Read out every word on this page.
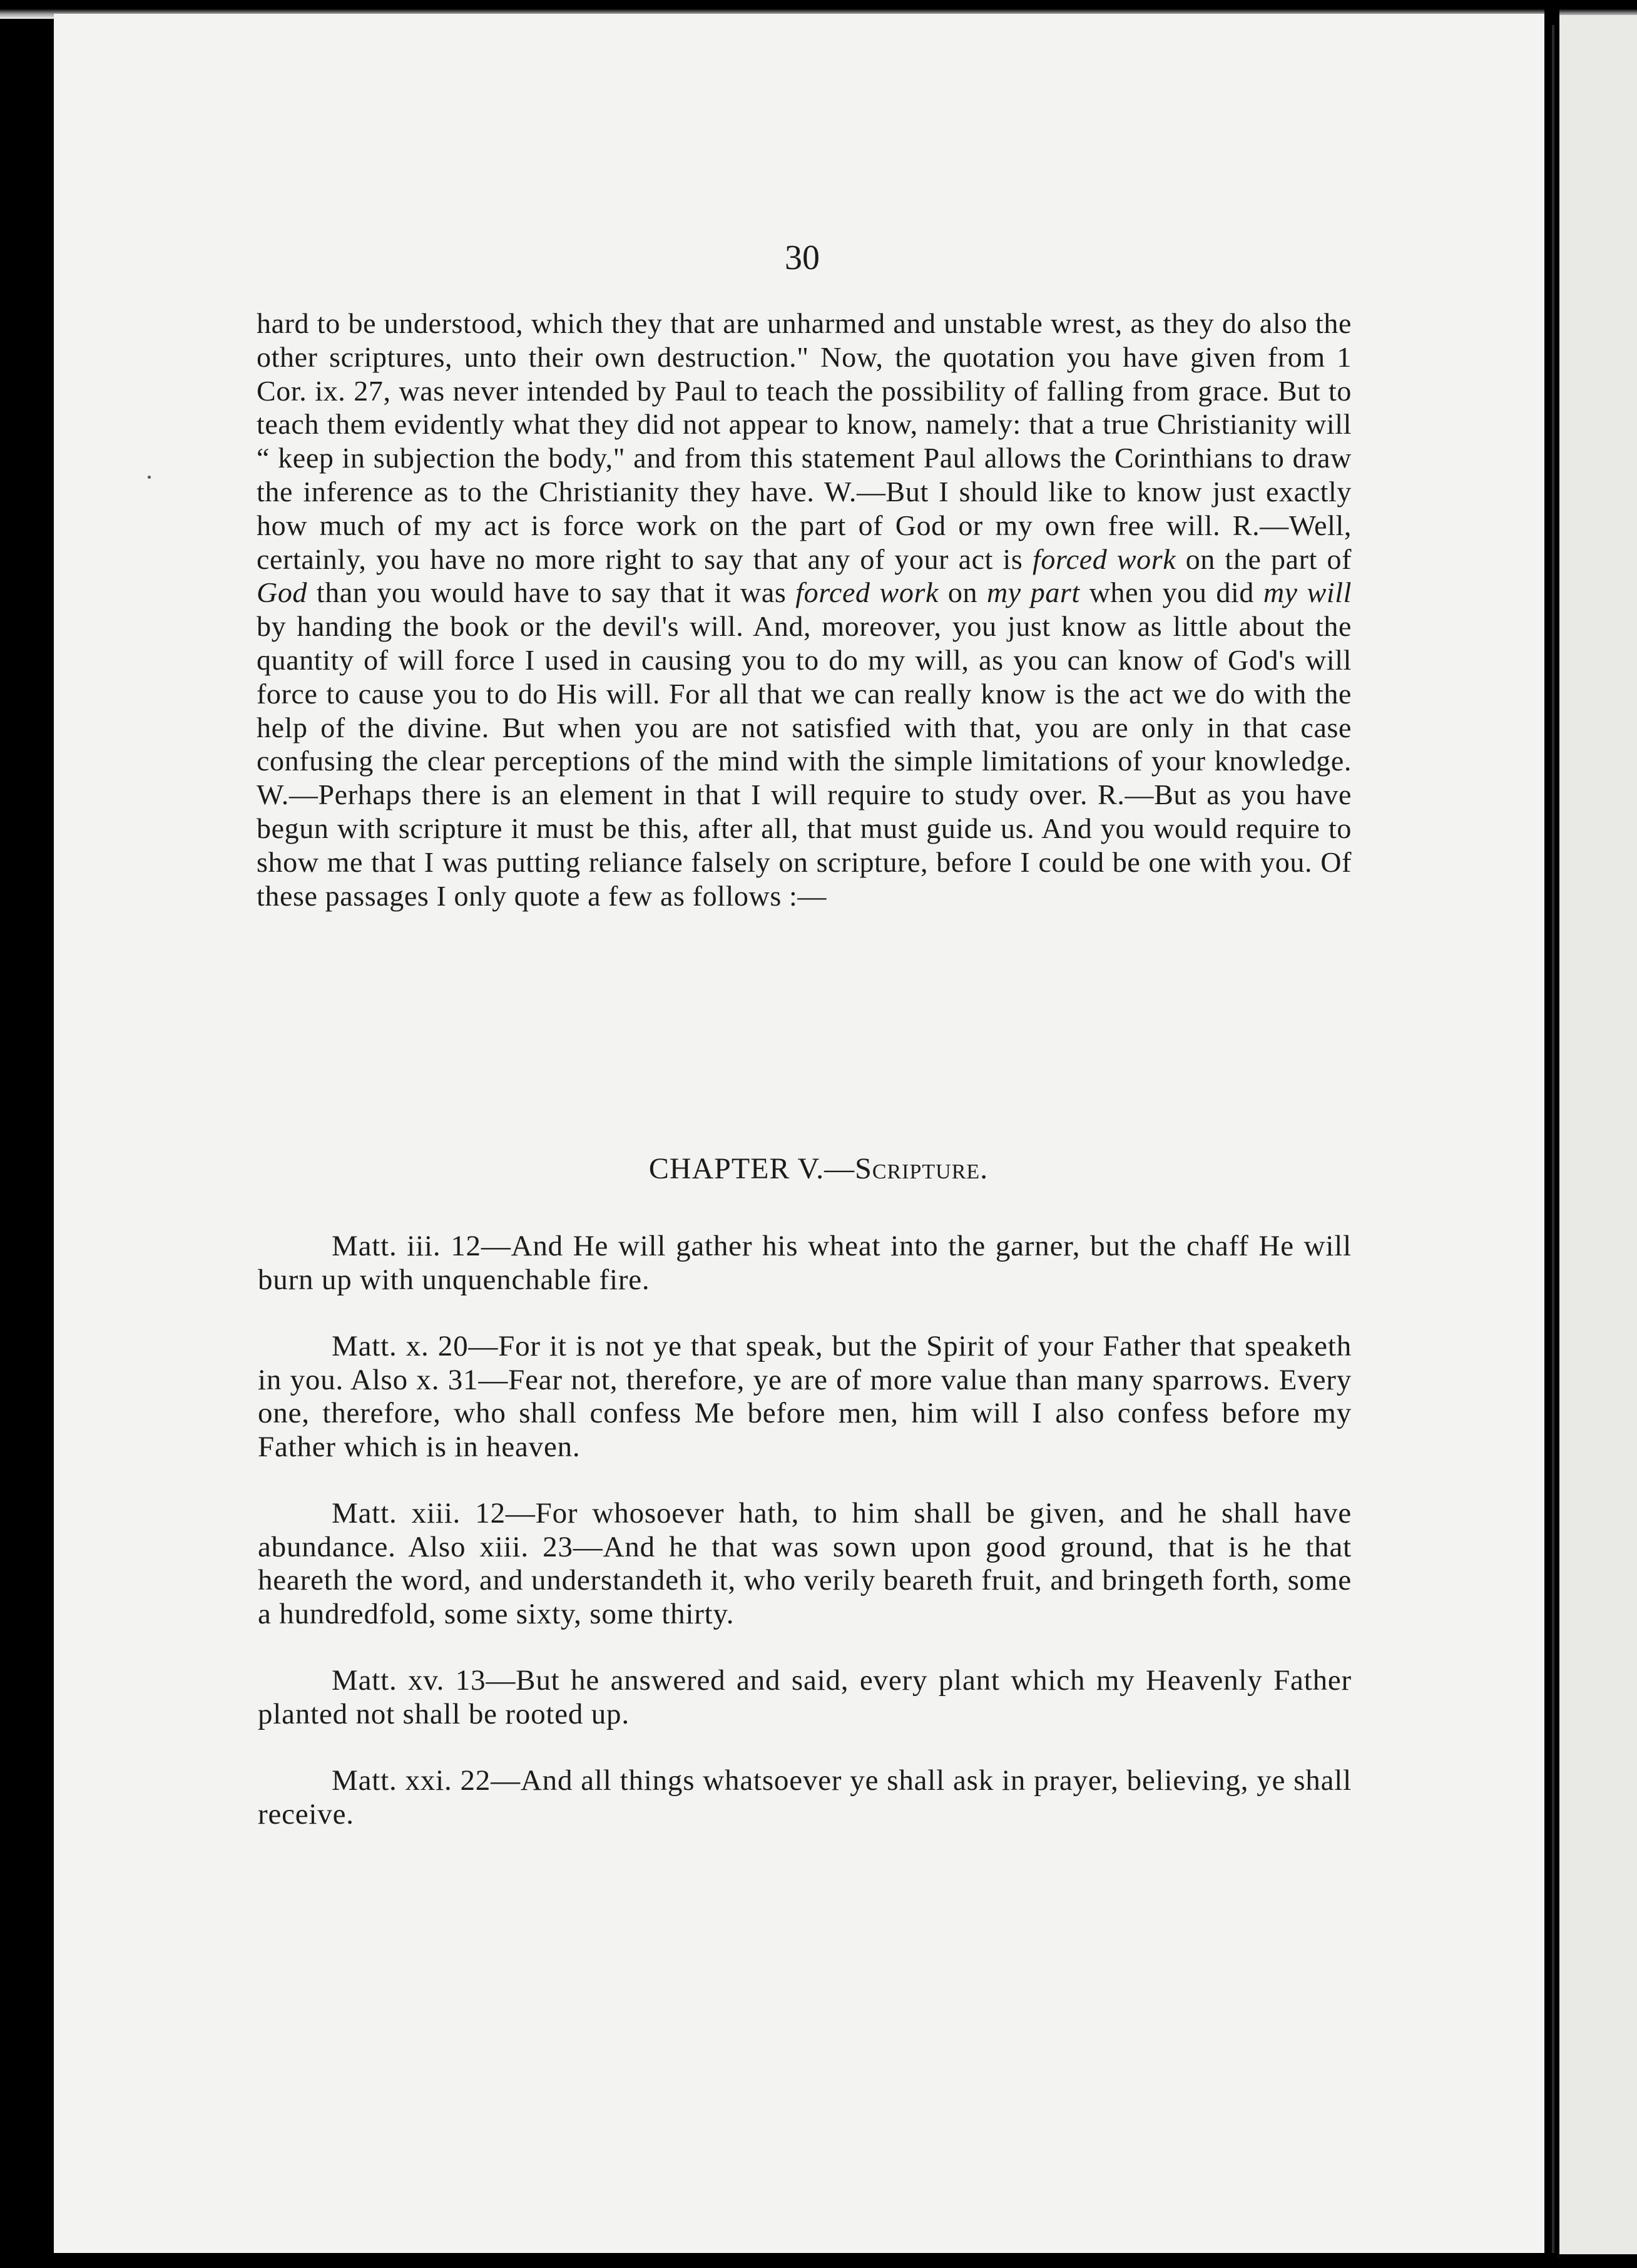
30

hard to be understood, which they that are unharmed and unstable wrest, as they do also the other scriptures, unto their own destruction." Now, the quotation you have given from 1 Cor. ix. 27, was never intended by Paul to teach the possibility of falling from grace. But to teach them evidently what they did not appear to know, namely: that a true Christianity will “ keep in subjection the body," and from this statement Paul allows the Corinthians to draw the inference as to the Christianity they have. W.—But I should like to know just exactly how much of my act is force work on the part of God or my own free will. R.—Well, certainly, you have no more right to say that any of your act is forced work on the part of God than you would have to say that it was forced work on my part when you did my will by handing the book or the devil's will. And, moreover, you just know as little about the quantity of will force I used in causing you to do my will, as you can know of God's will force to cause you to do His will. For all that we can really know is the act we do with the help of the divine. But when you are not satisfied with that, you are only in that case confusing the clear perceptions of the mind with the simple limitations of your knowledge. W.—Perhaps there is an element in that I will require to study over. R.—But as you have begun with scripture it must be this, after all, that must guide us. And you would require to show me that I was putting reliance falsely on scripture, before I could be one with you. Of these passages I only quote a few as follows :—

CHAPTER V.—Scripture.

Matt. iii. 12—And He will gather his wheat into the garner, but the chaff He will burn up with unquenchable fire.

Matt. x. 20—For it is not ye that speak, but the Spirit of your Father that speaketh in you. Also x. 31—Fear not, therefore, ye are of more value than many sparrows. Every one, therefore, who shall confess Me before men, him will I also confess before my Father which is in heaven.

Matt. xiii. 12—For whosoever hath, to him shall be given, and he shall have abundance. Also xiii. 23—And he that was sown upon good ground, that is he that heareth the word, and understandeth it, who verily beareth fruit, and bringeth forth, some a hundredfold, some sixty, some thirty.

Matt. xv. 13—But he answered and said, every plant which my Heavenly Father planted not shall be rooted up.

Matt. xxi. 22—And all things whatsoever ye shall ask in prayer, believing, ye shall receive.
